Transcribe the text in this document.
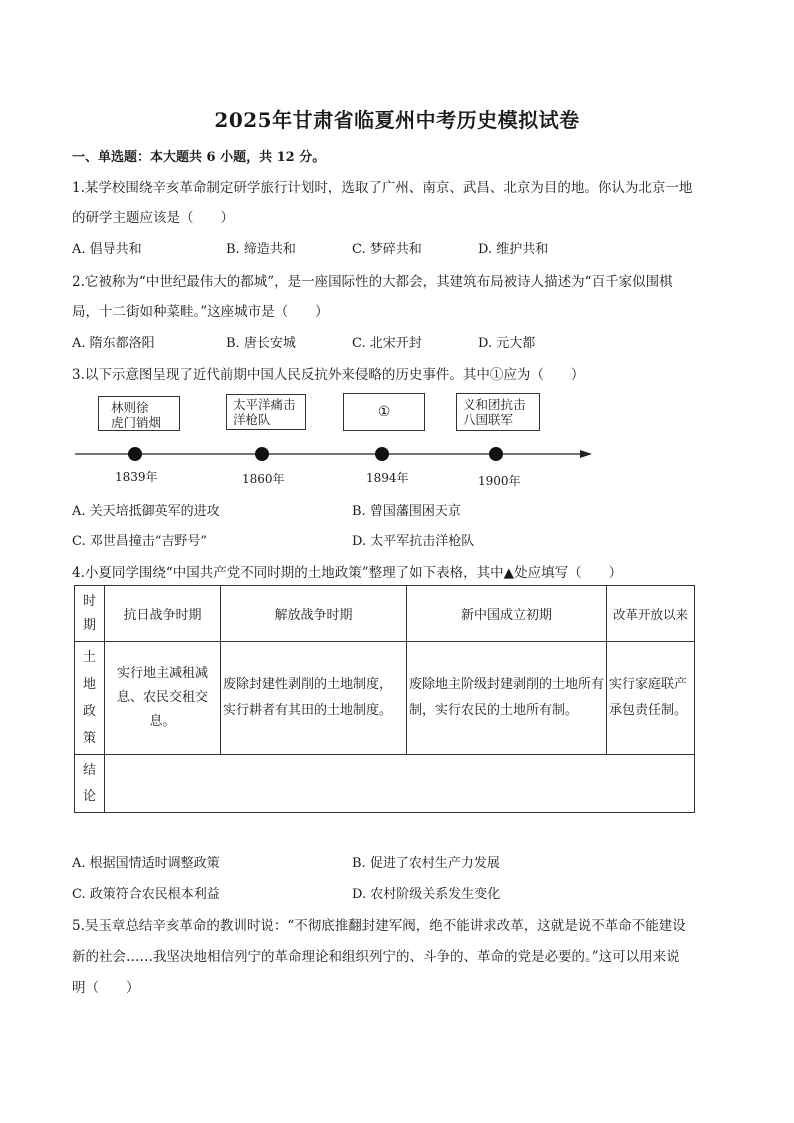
2025年甘肃省临夏州中考历史模拟试卷
一、单选题：本大题共 6 小题，共 12 分。
1.某学校围绕辛亥革命制定研学旅行计划时，选取了广州、南京、武昌、北京为目的地。你认为北京一地
的研学主题应该是（　　）
A. 倡导共和	B. 缔造共和	C. 梦碎共和	D. 维护共和
2.它被称为“中世纪最伟大的都城”，是一座国际性的大都会，其建筑布局被诗人描述为“百千家似围棋
局，十二街如种菜畦。”这座城市是（　　）
A. 隋东都洛阳	B. 唐长安城	C. 北宋开封	D. 元大都
3.以下示意图呈现了近代前期中国人民反抗外来侵略的历史事件。其中①应为（　　）
林则徐
虎门销烟
太平洋痛击
洋枪队	①	义和团抗击
八国联军
1839年	1860年	1894年	1900年
A. 关天培抵御英军的进攻	B. 曾国藩围困天京
C. 邓世昌撞击“吉野号”	D. 太平军抗击洋枪队
4.小夏同学围绕“中国共产党不同时期的土地政策”整理了如下表格，其中▲处应填写（　　）
时期	抗日战争时期	解放战争时期	新中国成立初期	改革开放以来
土地政策	实行地主减租减息、农民交租交息。	废除封建性剥削的土地制度，实行耕者有其田的土地制度。	废除地主阶级封建剥削的土地所有制，实行农民的土地所有制。	实行家庭联产承包责任制。
结论				
A. 根据国情适时调整政策	B. 促进了农村生产力发展
C. 政策符合农民根本利益	D. 农村阶级关系发生变化
5.吴玉章总结辛亥革命的教训时说：“不彻底推翻封建军阀，绝不能讲求改革，这就是说不革命不能建设
新的社会……我坚决地相信列宁的革命理论和组织列宁的、斗争的、革命的党是必要的。”这可以用来说
明（　　）
